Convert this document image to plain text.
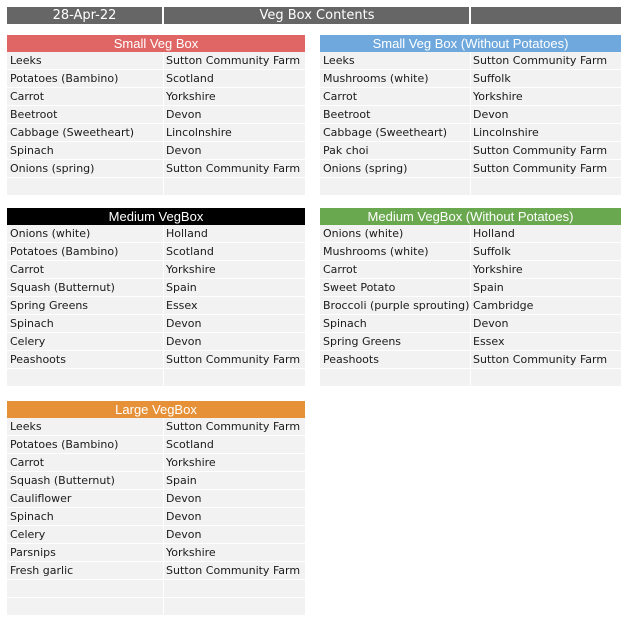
28-Apr-22	Veg Box Contents
Small Veg Box
Leeks	Sutton Community Farm
Potatoes (Bambino)	Scotland
Carrot	Yorkshire
Beetroot	Devon
Cabbage (Sweetheart)	Lincolnshire
Spinach	Devon
Onions (spring)	Sutton Community Farm
Small Veg Box (Without Potatoes)
Leeks	Sutton Community Farm
Mushrooms (white)	Suffolk
Carrot	Yorkshire
Beetroot	Devon
Cabbage (Sweetheart) Lincolnshire
Pak choi	Sutton Community Farm
Onions (spring)	Sutton Community Farm
Medium VegBox
Onions (white)	Holland
Potatoes (Bambino)	Scotland
Carrot	Yorkshire
Squash (Butternut)	Spain
Spring Greens	Essex
Spinach	Devon
Celery	Devon
Peashoots	Sutton Community Farm
Medium VegBox (Without Potatoes)
Onions (white)	Holland
Mushrooms (white)	Suffolk
Carrot	Yorkshire
Sweet Potato	Spain
Broccoli (purple sprouting) Cambridge
Spinach	Devon
Spring Greens	Essex
Peashoots	Sutton Community Farm
Large VegBox
Leeks	Sutton Community Farm
Potatoes (Bambino)	Scotland
Carrot	Yorkshire
Squash (Butternut)	Spain
Cauliflower	Devon
Spinach	Devon
Celery	Devon
Parsnips	Yorkshire
Fresh garlic	Sutton Community Farm
